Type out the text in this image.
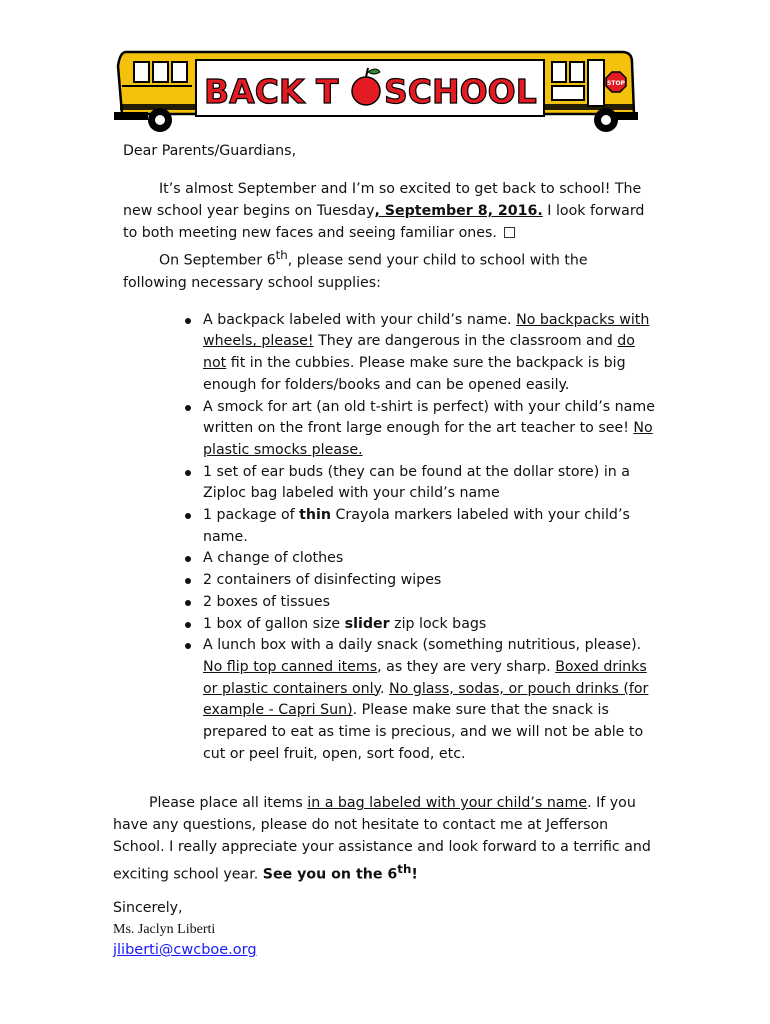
STOP
BACK T SCHOOL

Dear Parents/Guardians,

It’s almost September and I’m so excited to get back to school! The new school year begins on Tuesday, September 8, 2016. I look forward to both meeting new faces and seeing familiar ones.

On September 6th, please send your child to school with the following necessary school supplies:

A backpack labeled with your child’s name. No backpacks with wheels, please! They are dangerous in the classroom and do not fit in the cubbies. Please make sure the backpack is big enough for folders/books and can be opened easily.
A smock for art (an old t-shirt is perfect) with your child’s name written on the front large enough for the art teacher to see! No plastic smocks please.
1 set of ear buds (they can be found at the dollar store) in a Ziploc bag labeled with your child’s name
1 package of thin Crayola markers labeled with your child’s name.
A change of clothes
2 containers of disinfecting wipes
2 boxes of tissues
1 box of gallon size slider zip lock bags
A lunch box with a daily snack (something nutritious, please). No flip top canned items, as they are very sharp. Boxed drinks or plastic containers only. No glass, sodas, or pouch drinks (for example - Capri Sun). Please make sure that the snack is prepared to eat as time is precious, and we will not be able to cut or peel fruit, open, sort food, etc.

Please place all items in a bag labeled with your child’s name. If you have any questions, please do not hesitate to contact me at Jefferson School. I really appreciate your assistance and look forward to a terrific and exciting school year. See you on the 6th!

Sincerely,
Ms. Jaclyn Liberti
jliberti@cwcboe.org
